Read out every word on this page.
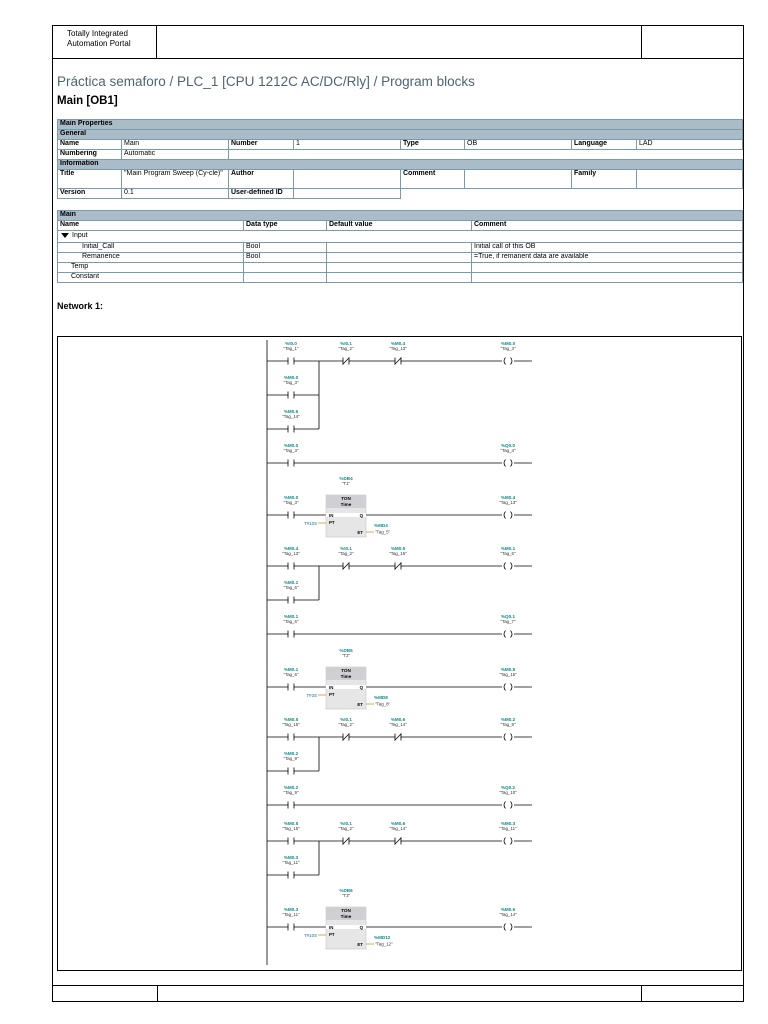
Totally Integrated
Automation Portal
Práctica semaforo / PLC_1 [CPU 1212C AC/DC/Rly] / Program blocks
Main [OB1]
Main Properties							
General							
Name	Main	Number	1	Type	OB	Language	LAD
Numbering	Automatic						
Information							
Title	"Main Program Sweep (Cy-cle)"	Author		Comment		Family	
Version	0.1	User-defined ID					
Main			
Name	Data type	Default value	Comment
Input			
Initial_Call	Bool		Initial call of this OB
Remanence	Bool		=True, if remanent data are available
Temp			
Constant			
Network 1:
%I0.0
"Tag_1"
%I0.1
"Tag_2"
%M0.4
"Tag_13"
%M0.0
"Tag_3"
%M0.0
"Tag_3"
%M0.6
"Tag_14"
%M0.0
"Tag_3"
%Q0.0
"Tag_4"
%M0.0
"Tag_3"
%DB4
"T1"
TON
Time
IN	Q
PT
ET
T#10S	%MD4
"Tag_5"
%M0.4
"Tag_13"
%M0.4
"Tag_13"
%I0.1
"Tag_2"
%M0.5
"Tag_15"
%M0.1
"Tag_6"
%M0.1
"Tag_6"
%M0.1
"Tag_6"
%Q0.1
"Tag_7"
%M0.1
"Tag_6"
%DB5
"T2"
TON
Time
IN	Q
PT
ET
T#3S	%MD8
"Tag_8"
%M0.5
"Tag_15"
%M0.5
"Tag_15"
%I0.1
"Tag_2"
%M0.6
"Tag_14"
%M0.2
"Tag_9"
%M0.2
"Tag_9"
%M0.2
"Tag_9"
%Q0.2
"Tag_10"
%M0.5
"Tag_15"
%I0.1
"Tag_2"
%M0.6
"Tag_14"
%M0.3
"Tag_11"
%M0.3
"Tag_11"
%M0.3
"Tag_11"
%DB6
"T3"
TON
Time
IN	Q
PT
ET
T#10S	%MD12
"Tag_12"
%M0.6
"Tag_14"
